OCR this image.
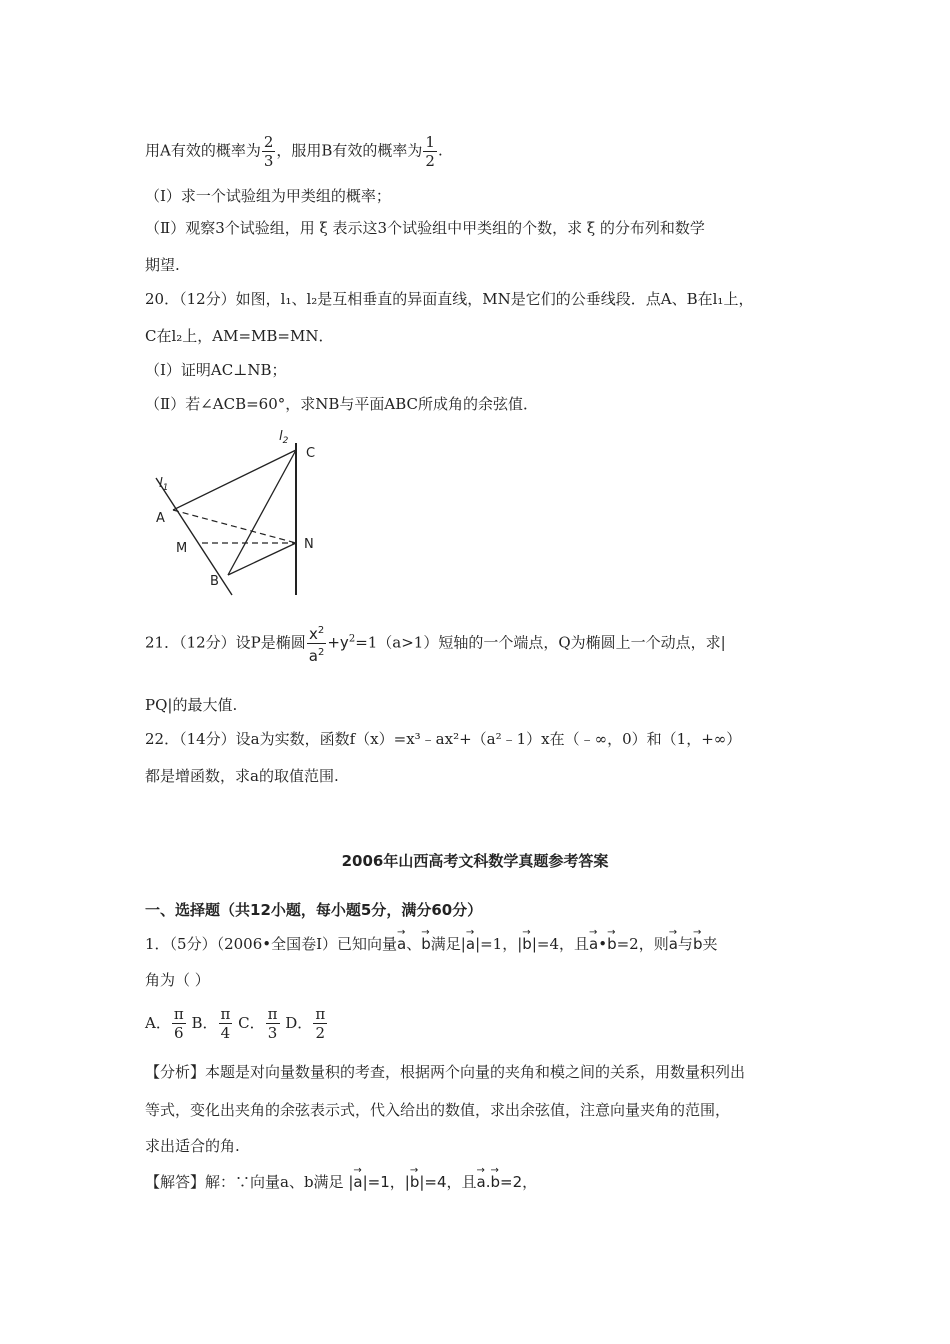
用A有效的概率为 $\frac{2}{3}$ ，服用B有效的概率为 $\frac{1}{2}$ .
（Ⅰ）求一个试验组为甲类组的概率；
（Ⅱ）观察3个试验组，用 ξ 表示这3个试验组中甲类组的个数，求 ξ 的分布列和数学
期望.
20．（12分）如图，l₁、l₂是互相垂直的异面直线，MN是它们的公垂线段．点A、B在l₁上，
C在l₂上，AM=MB=MN．
（Ⅰ）证明AC⊥NB；
（Ⅱ）若∠ACB=60°，求NB与平面ABC所成角的余弦值．
$l_1$
$l_2$
A
M
B
C
N
21．（12分）设P是椭圆 $\frac{x^2}{a^2} +y^2=1(a>1)$短轴的一个端点，Q为椭圆上一个动点，求|
PQ|的最大值.
22．（14分）设a为实数，函数f（x）=x³﹣ax²+（a²﹣1）x在（﹣∞，0）和（1，+∞）
都是增函数，求a的取值范围.
2006年山西高考文科数学真题参考答案
一、选择题（共12小题，每小题5分，满分60分）
1．（5分）（2006•全国卷Ⅰ）已知向量→ a、→ b满足|→ a|=1，|→ b|=4，且→ a•→ b=2，则→ a与→ b夹
角为（ ）
A． $\frac{\pi}{6}$ B． $\frac{\pi}{4}$ C． $\frac{\pi}{3}$ D． $\frac{\pi}{2}$
【分析】本题是对向量数量积的考查，根据两个向量的夹角和模之间的关系，用数量积列出
等式，变化出夹角的余弦表示式，代入给出的数值，求出余弦值，注意向量夹角的范围，
求出适合的角.
【解答】解：∵向量a、b满足 |→ a|=1，|→ b|=4，且→ a.→ b=2，
